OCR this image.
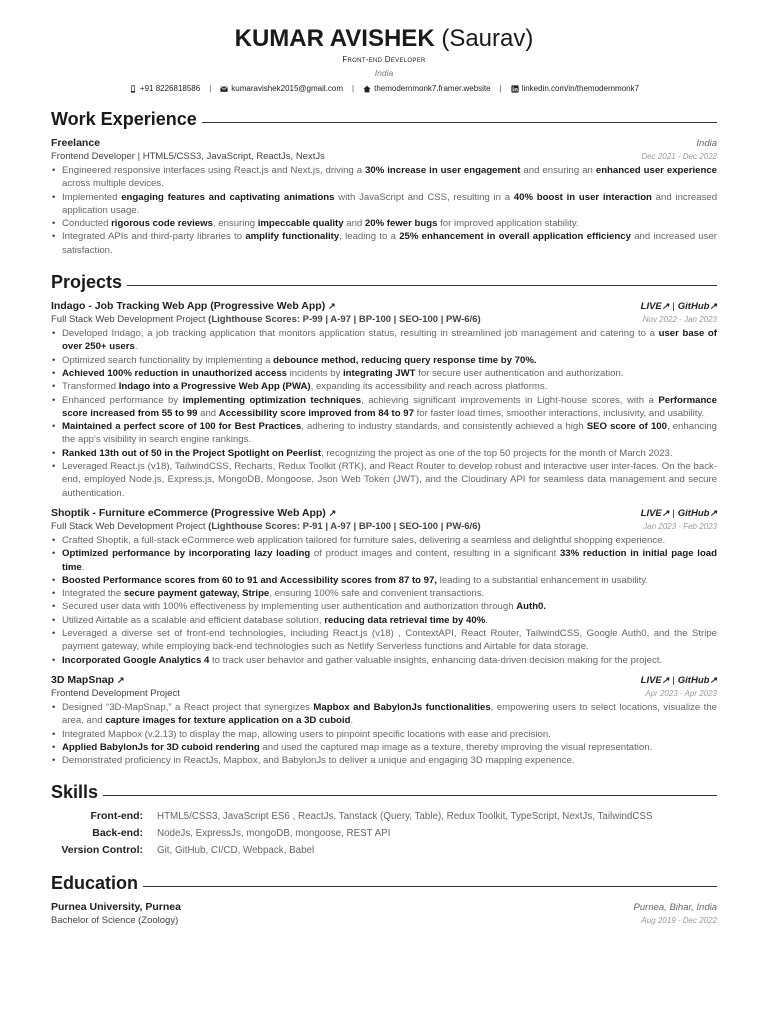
KUMAR AVISHEK (Saurav)
Front-end Developer
India
+91 8226818586 |	kumaravishek2015@gmail.com |	themodernmonk7.framer.website |	linkedin.com/in/themodernmonk7
Work Experience
Freelance	India
Frontend Developer | HTML5/CSS3, JavaScript, ReactJs, NextJs	Dec 2021 - Dec 2022
• Engineered responsive interfaces using React.js and Next.js, driving a 30% increase in user engagement and ensuring an enhanced user experience across multiple devices.
• Implemented engaging features and captivating animations with JavaScript and CSS, resulting in a 40% boost in user interaction and increased application usage.
• Conducted rigorous code reviews, ensuring impeccable quality and 20% fewer bugs for improved application stability.
• Integrated APIs and third-party libraries to amplify functionality, leading to a 25% enhancement in overall application efficiency and increased user satisfaction.
Projects
Indago - Job Tracking Web App (Progressive Web App) ↗	LIVE↗ | GitHub↗
Full Stack Web Development Project (Lighthouse Scores: P-99 | A-97 | BP-100 | SEO-100 | PW-6/6)	Nov 2022 - Jan 2023
• Developed Indago, a job tracking application that monitors application status, resulting in streamlined job management and catering to a user base of over 250+ users.
• Optimized search functionality by implementing a debounce method, reducing query response time by 70%.
• Achieved 100% reduction in unauthorized access incidents by integrating JWT for secure user authentication and authorization.
• Transformed Indago into a Progressive Web App (PWA), expanding its accessibility and reach across platforms.
• Enhanced performance by implementing optimization techniques, achieving significant improvements in Light-house scores, with a Performance score increased from 55 to 99 and Accessibility score improved from 84 to 97 for faster load times, smoother interactions, inclusivity, and usability.
• Maintained a perfect score of 100 for Best Practices, adhering to industry standards, and consistently achieved a high SEO score of 100, enhancing the app's visibility in search engine rankings.
• Ranked 13th out of 50 in the Project Spotlight on Peerlist, recognizing the project as one of the top 50 projects for the month of March 2023.
• Leveraged React.js (v18), TailwindCSS, Recharts, Redux Toolkit (RTK), and React Router to develop robust and interactive user inter-faces. On the back-end, employed Node.js, Express.js, MongoDB, Mongoose, Json Web Token (JWT), and the Cloudinary API for seamless data management and secure authentication.
Shoptik - Furniture eCommerce (Progressive Web App) ↗	LIVE↗ | GitHub↗
Full Stack Web Development Project (Lighthouse Scores: P-91 | A-97 | BP-100 | SEO-100 | PW-6/6)	Jan 2023 - Feb 2023
• Crafted Shoptik, a full-stack eCommerce web application tailored for furniture sales, delivering a seamless and delightful shopping experience.
• Optimized performance by incorporating lazy loading of product images and content, resulting in a significant 33% reduction in initial page load time.
• Boosted Performance scores from 60 to 91 and Accessibility scores from 87 to 97, leading to a substantial enhancement in usability.
• Integrated the secure payment gateway, Stripe, ensuring 100% safe and convenient transactions.
• Secured user data with 100% effectiveness by implementing user authentication and authorization through Auth0.
• Utilized Airtable as a scalable and efficient database solution, reducing data retrieval time by 40%.
• Leveraged a diverse set of front-end technologies, including React.js (v18) , ContextAPI, React Router, TailwindCSS, Google Auth0, and the Stripe payment gateway, while employing back-end technologies such as Netlify Serverless functions and Airtable for data storage.
• Incorporated Google Analytics 4 to track user behavior and gather valuable insights, enhancing data-driven decision making for the project.
3D MapSnap ↗	LIVE↗ | GitHub↗
Frontend Development Project	Apr 2023 - Apr 2023
• Designed “3D-MapSnap,” a React project that synergizes Mapbox and BabylonJs functionalities, empowering users to select locations, visualize the area, and capture images for texture application on a 3D cuboid.
• Integrated Mapbox (v.2.13) to display the map, allowing users to pinpoint specific locations with ease and precision.
• Applied BabylonJs for 3D cuboid rendering and used the captured map image as a texture, thereby improving the visual representation.
• Demonstrated proficiency in ReactJs, Mapbox, and BabylonJs to deliver a unique and engaging 3D mapping experience.
Skills
Front-end: HTML5/CSS3, JavaScript ES6 , ReactJs, Tanstack (Query, Table), Redux Toolkit, TypeScript, NextJs, TailwindCSS
Back-end: NodeJs, ExpressJs, mongoDB, mongoose, REST API
Version Control: Git, GitHub, CI/CD, Webpack, Babel
Education
Purnea University, Purnea	Purnea, Bihar, India
Bachelor of Science (Zoology)	Aug 2019 - Dec 2022
